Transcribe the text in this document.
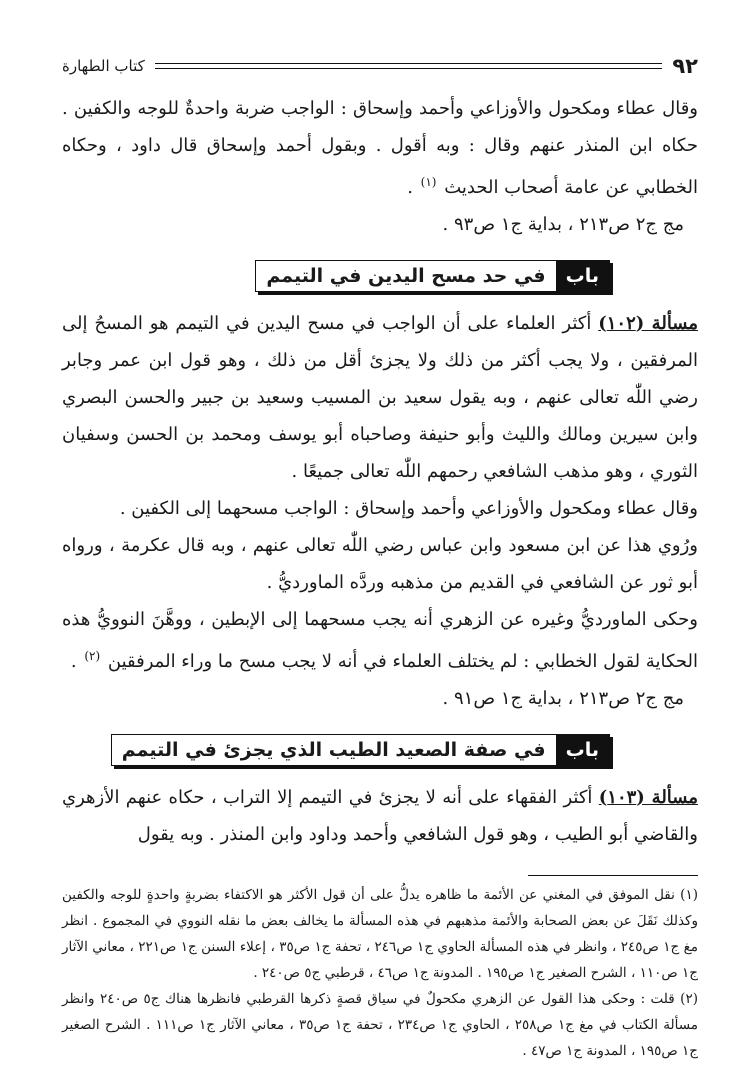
٩٢
كتاب الطهارة

وقال عطاء ومكحول والأوزاعي وأحمد وإسحاق : الواجب ضربة واحدةٌ للوجه والكفين . حكاه ابن المنذر عنهم وقال : وبه أقول . وبقول أحمد وإسحاق قال داود ، وحكاه الخطابي عن عامة أصحاب الحديث $^{(١)}$ .

مج ج٢ ص٢١٣ ، بداية ج١ ص٩٣ .

باب
في حد مسح اليدين في التيمم

مسألة (١٠٢) أكثر العلماء على أن الواجب في مسح اليدين في التيمم هو المسحُ إلى المرفقين ، ولا يجب أكثر من ذلك ولا يجزئ أقل من ذلك ، وهو قول ابن عمر وجابر رضي اللّٰه تعالى عنهم ، وبه يقول سعيد بن المسيب وسعيد بن جبير والحسن البصري وابن سيرين ومالك والليث وأبو حنيفة وصاحباه أبو يوسف ومحمد بن الحسن وسفيان الثوري ، وهو مذهب الشافعي رحمهم اللّٰه تعالى جميعًا .

وقال عطاء ومكحول والأوزاعي وأحمد وإسحاق : الواجب مسحهما إلى الكفين .

ورُوي هذا عن ابن مسعود وابن عباس رضي اللّٰه تعالى عنهم ، وبه قال عكرمة ، ورواه أبو ثور عن الشافعي في القديم من مذهبه وردَّه الماورديُّ .

وحكى الماورديُّ وغيره عن الزهري أنه يجب مسحهما إلى الإبطين ، ووهَّنَ النوويُّ هذه الحكاية لقول الخطابي : لم يختلف العلماء في أنه لا يجب مسح ما وراء المرفقين $^{(٢)}$ .

مج ج٢ ص٢١٣ ، بداية ج١ ص٩١ .

باب
في صفة الصعيد الطيب الذي يجزئ في التيمم

مسألة (١٠٣) أكثر الفقهاء على أنه لا يجزئ في التيمم إلا التراب ، حكاه عنهم الأزهري والقاضي أبو الطيب ، وهو قول الشافعي وأحمد وداود وابن المنذر . وبه يقول

(١) نقل الموفق في المغني عن الأئمة ما ظاهره يدلُّ على أن قول الأكثر هو الاكتفاء بضربةٍ واحدةٍ للوجه والكفين وكذلك نَقَلَ عن بعض الصحابة والأئمة مذهبهم في هذه المسألة ما يخالف بعض ما نقله النووي في المجموع . انظر مغ ج١ ص٢٤٥ ، وانظر في هذه المسألة الحاوي ج١ ص٢٤٦ ، تحفة ج١ ص٣٥ ، إعلاء السنن ج١ ص٢٢١ ، معاني الآثار ج١ ص١١٠ ، الشرح الصغير ج١ ص١٩٥ . المدونة ج١ ص٤٦ ، قرطبي ج٥ ص٢٤٠ .

(٢) قلت : وحكى هذا القول عن الزهري مكحولٌ في سياق قصةٍ ذكرها القرطبي فانظرها هناك ج٥ ص٢٤٠ وانظر مسألة الكتاب في مغ ج١ ص٢٥٨ ، الحاوي ج١ ص٢٣٤ ، تحفة ج١ ص٣٥ ، معاني الآثار ج١ ص١١١ . الشرح الصغير ج١ ص١٩٥ ، المدونة ج١ ص٤٧ .
